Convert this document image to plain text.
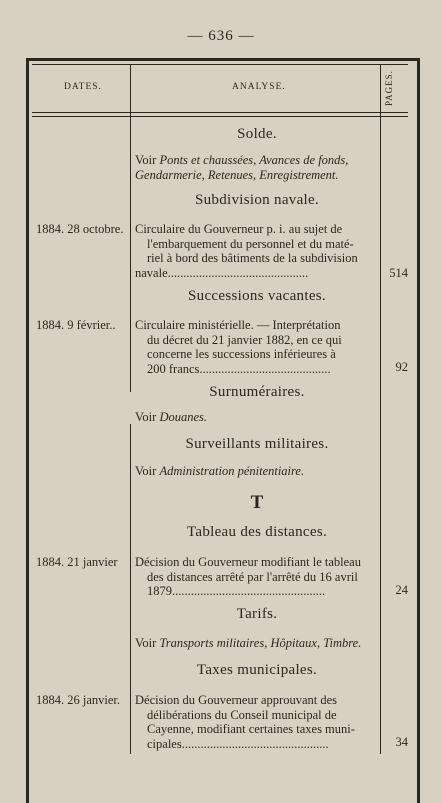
— 636 —
DATES.	ANALYSE.	PAGES.
Solde.
Voir Ponts et chaussées, Avances de fonds,
Gendarmerie, Retenues, Enregistrement.
Subdivision navale.
1884. 28 octobre. Circulaire du Gouverneur p. i. au sujet de
l'embarquement du personnel et du maté-
riel à bord des bâtiments de la subdivision
navale.............................................	514
Successions vacantes.
1884. 9 février..	Circulaire ministérielle. — Interprétation
du décret du 21 janvier 1882, en ce qui
concerne les successions inférieures à
200 francs..........................................	92
Surnuméraires.
Voir Douanes.
Surveillants militaires.
Voir Administration pénitentiaire.
T
Tableau des distances.
1884. 21 janvier	Décision du Gouverneur modifiant le tableau
des distances arrêté par l'arrêté du 16 avril
1879.................................................	24
Tarifs.
Voir Transports militaires, Hôpitaux, Timbre.
Taxes municipales.
1884. 26 janvier.	Décision du Gouverneur approuvant des
délibérations du Conseil municipal de
Cayenne, modifiant certaines taxes muni-
cipales...............................................	34
